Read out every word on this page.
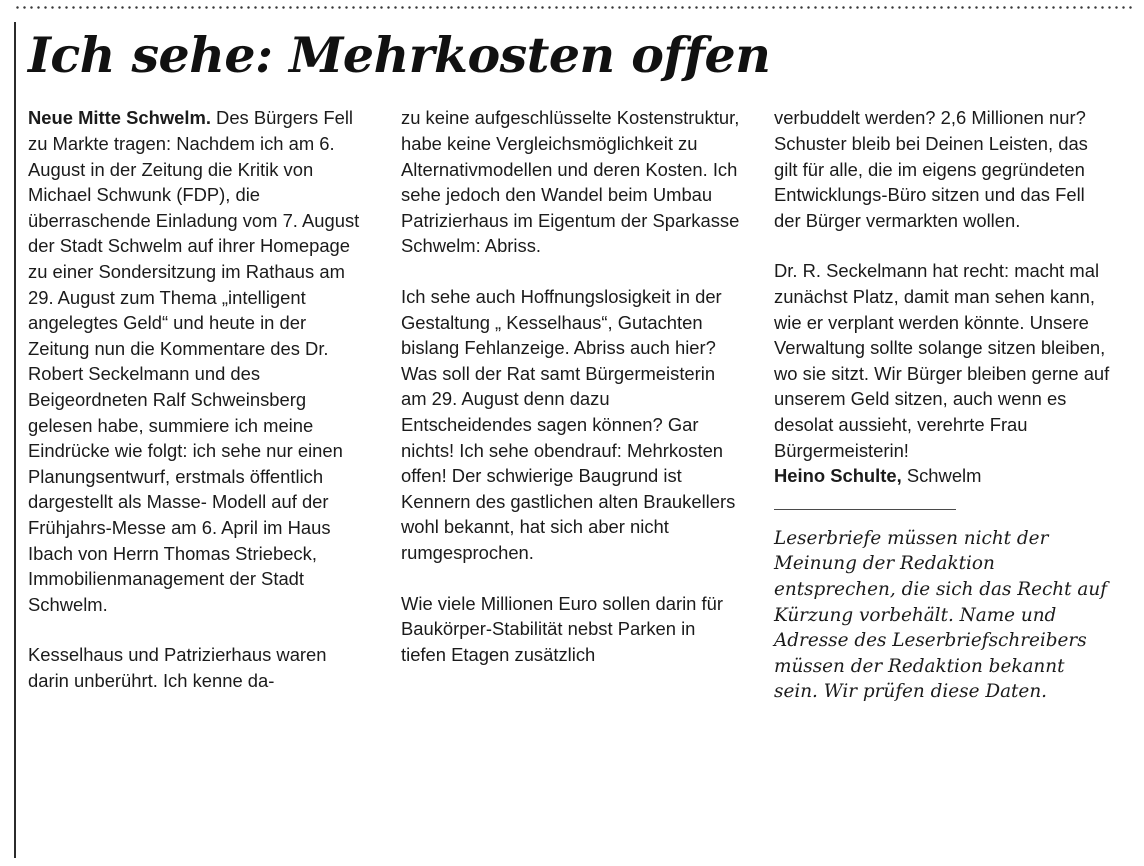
Ich sehe: Mehrkosten offen

Neue Mitte Schwelm. Des Bürgers Fell zu Markte tragen: Nachdem ich am 6. August in der Zeitung die Kritik von Michael Schwunk (FDP), die überraschende Einladung vom 7. August der Stadt Schwelm auf ihrer Homepage zu einer Sondersitzung im Rathaus am 29. August zum Thema „intelligent angelegtes Geld“ und heute in der Zeitung nun die Kommentare des Dr. Robert Seckelmann und des Beigeordneten Ralf Schweinsberg gelesen habe, summiere ich meine Eindrücke wie folgt: ich sehe nur einen Planungsentwurf, erstmals öffentlich dargestellt als Masse- Modell auf der Frühjahrs-Messe am 6. April im Haus Ibach von Herrn Thomas Striebeck, Immobilienmanagement der Stadt Schwelm.

Kesselhaus und Patrizierhaus waren darin unberührt. Ich kenne da-

zu keine aufgeschlüsselte Kostenstruktur, habe keine Vergleichsmöglichkeit zu Alternativmodellen und deren Kosten. Ich sehe jedoch den Wandel beim Umbau Patrizierhaus im Eigentum der Sparkasse Schwelm: Abriss.

Ich sehe auch Hoffnungslosigkeit in der Gestaltung „ Kesselhaus“, Gutachten bislang Fehlanzeige. Abriss auch hier?

Was soll der Rat samt Bürgermeisterin am 29. August denn dazu Entscheidendes sagen können? Gar nichts! Ich sehe obendrauf: Mehrkosten offen! Der schwierige Baugrund ist Kennern des gastlichen alten Braukellers wohl bekannt, hat sich aber nicht rumgesprochen.

Wie viele Millionen Euro sollen darin für Baukörper-Stabilität nebst Parken in tiefen Etagen zusätzlich

verbuddelt werden? 2,6 Millionen nur? Schuster bleib bei Deinen Leisten, das gilt für alle, die im eigens gegründeten Entwicklungs-Büro sitzen und das Fell der Bürger vermarkten wollen.

Dr. R. Seckelmann hat recht: macht mal zunächst Platz, damit man sehen kann, wie er verplant werden könnte. Unsere Verwaltung sollte solange sitzen bleiben, wo sie sitzt. Wir Bürger bleiben gerne auf unserem Geld sitzen, auch wenn es desolat aussieht, verehrte Frau Bürgermeisterin!

Heino Schulte, Schwelm

Leserbriefe müssen nicht der Meinung der Redaktion entsprechen, die sich das Recht auf Kürzung vorbehält. Name und Adresse des Leserbriefschreibers müssen der Redaktion bekannt sein. Wir prüfen diese Daten.
